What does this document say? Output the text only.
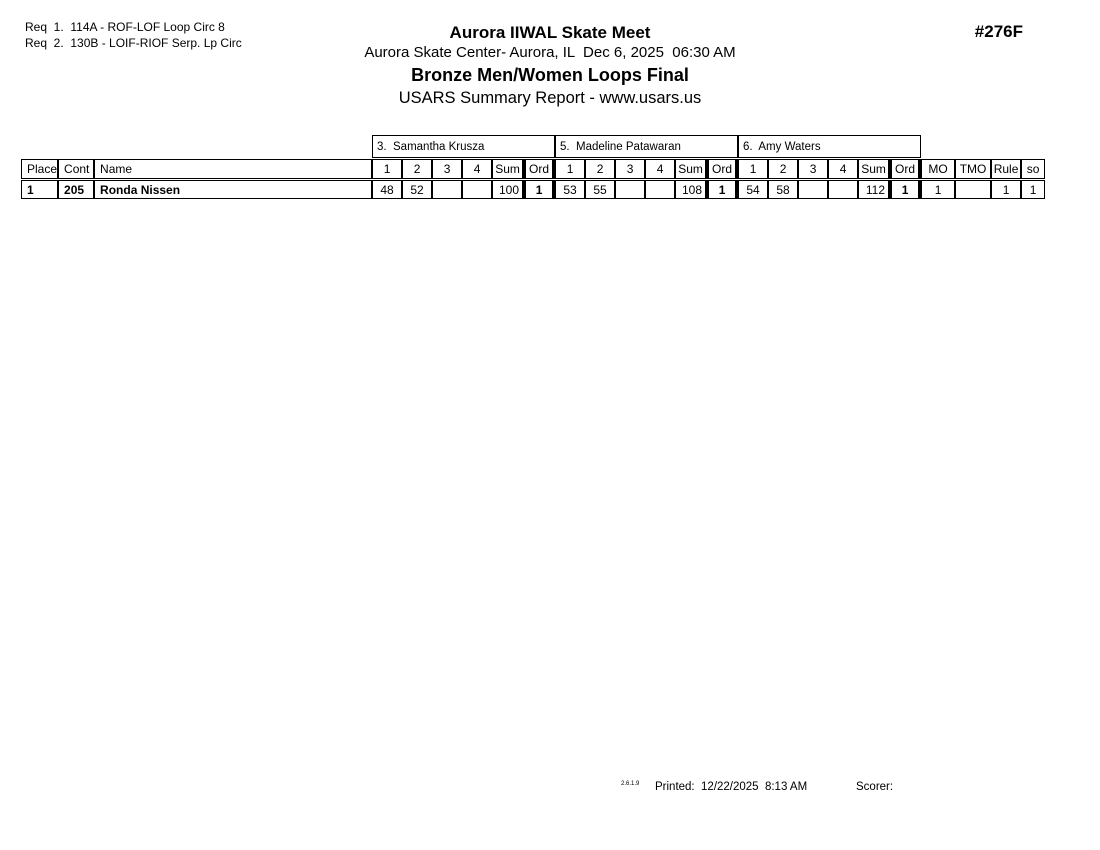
Req  1.  114A - ROF-LOF Loop Circ 8
Req  2.  130B - LOIF-RIOF Serp. Lp Circ
Aurora IIWAL Skate Meet
Aurora Skate Center- Aurora, IL  Dec 6, 2025  06:30 AM
Bronze Men/Women Loops Final
USARS Summary Report - www.usars.us
#276F
			3.  Samantha Krusza						5.  Madeline Patawaran						6.  Amy Waters									
Place	Cont	Name	1	2	3	4	Sum	Ord	1	2	3	4	Sum	Ord	1	2	3	4	Sum	Ord	MO	TMO	Rule	so
1	205	Ronda Nissen	48	52			100	1	53	55			108	1	54	58			112	1	1		1	1
2.6.1.9 Printed:  12/22/2025  8:13 AM	Scorer:
